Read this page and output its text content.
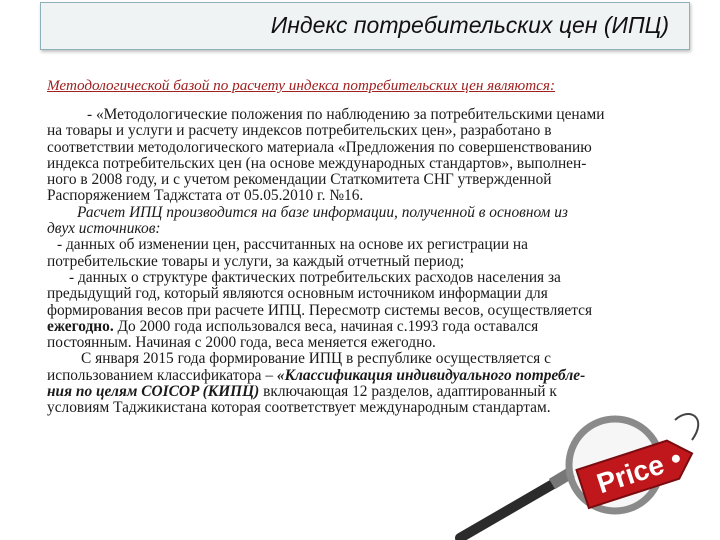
Индекс потребительских цен (ИПЦ)
Методологической базой по расчету индекса потребительских цен являются:
- «Методологические положения по наблюдению за потребительскими ценами
на товары и услуги и расчету индексов потребительских цен», разработано в
соответствии методологического материала «Предложения по совершенствованию
индекса потребительских цен (на основе международных стандартов», выполнен-
ного в 2008 году, и с учетом рекомендации Статкомитета СНГ утвержденной
Распоряжением Таджстата от 05.05.2010 г. №16.
Расчет ИПЦ производится на базе информации, полученной в основном из
двух источников:
- данных об изменении цен, рассчитанных на основе их регистрации на
потребительские товары и услуги, за каждый отчетный период;
- данных о структуре фактических потребительских расходов населения за
предыдущий год, который являются основным источником информации для
формирования весов при расчете ИПЦ. Пересмотр системы весов, осуществляется
ежегодно. До 2000 года использовался веса, начиная с.1993 года оставался
постоянным. Начиная с 2000 года, веса меняется ежегодно.
С января 2015 года формирование ИПЦ в республике осуществляется с
использованием классификатора – «Классификация индивидуального потребле-
ния по целям COICOP (КИПЦ) включающая 12 разделов, адаптированный к
условиям Таджикистана которая соответствует международным стандартам.
Price
